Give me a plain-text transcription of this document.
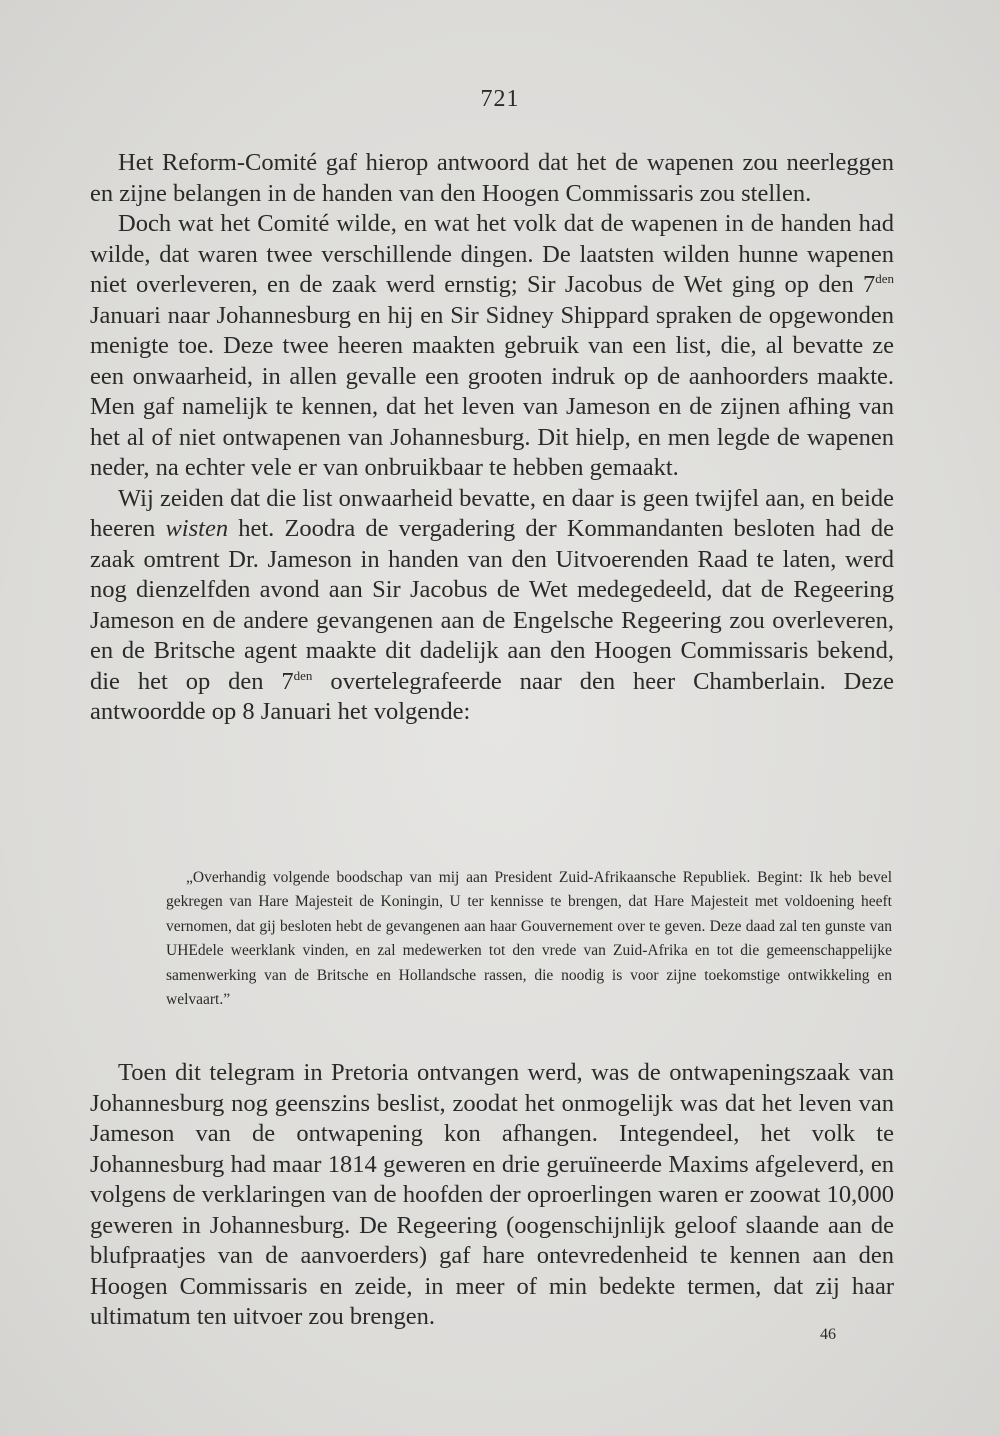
721

Het Reform-Comité gaf hierop antwoord dat het de wapenen zou neerleggen en zijne belangen in de handen van den Hoogen Commissaris zou stellen.

Doch wat het Comité wilde, en wat het volk dat de wapenen in de handen had wilde, dat waren twee verschillende dingen. De laatsten wilden hunne wapenen niet overleveren, en de zaak werd ernstig; Sir Jacobus de Wet ging op den $7^{den}$ Januari naar Johannesburg en hij en Sir Sidney Shippard spraken de opgewonden menigte toe. Deze twee heeren maakten gebruik van een list, die, al bevatte ze een onwaarheid, in allen gevalle een grooten indruk op de aanhoorders maakte. Men gaf namelijk te kennen, dat het leven van Jameson en de zijnen afhing van het al of niet ontwapenen van Johannesburg. Dit hielp, en men legde de wapenen neder, na echter vele er van onbruikbaar te hebben gemaakt.

Wij zeiden dat die list onwaarheid bevatte, en daar is geen twijfel aan, en beide heeren wisten het. Zoodra de vergadering der Kommandanten besloten had de zaak omtrent Dr. Jameson in handen van den Uitvoerenden Raad te laten, werd nog dienzelfden avond aan Sir Jacobus de Wet medegedeeld, dat de Regeering Jameson en de andere gevangenen aan de Engelsche Regeering zou overleveren, en de Britsche agent maakte dit dadelijk aan den Hoogen Commissaris bekend, die het op den $7^{den}$ overtelegrafeerde naar den heer Chamberlain. Deze antwoordde op 8 Januari het volgende:

„Overhandig volgende boodschap van mij aan President Zuid-Afrikaansche Republiek. Begint: Ik heb bevel gekregen van Hare Majesteit de Koningin, U ter kennisse te brengen, dat Hare Majesteit met voldoening heeft vernomen, dat gij besloten hebt de gevangenen aan haar Gouvernement over te geven. Deze daad zal ten gunste van UHEdele weerklank vinden, en zal medewerken tot den vrede van Zuid-Afrika en tot die gemeenschappelijke samenwerking van de Britsche en Hollandsche rassen, die noodig is voor zijne toekomstige ontwikkeling en welvaart.”

Toen dit telegram in Pretoria ontvangen werd, was de ontwapeningszaak van Johannesburg nog geenszins beslist, zoodat het onmogelijk was dat het leven van Jameson van de ontwapening kon afhangen. Integendeel, het volk te Johannesburg had maar 1814 geweren en drie geruïneerde Maxims afgeleverd, en volgens de verklaringen van de hoofden der oproerlingen waren er zoowat 10,000 geweren in Johannesburg. De Regeering (oogenschijnlijk geloof slaande aan de blufpraatjes van de aanvoerders) gaf hare ontevredenheid te kennen aan den Hoogen Commissaris en zeide, in meer of min bedekte termen, dat zij haar ultimatum ten uitvoer zou brengen.

46
